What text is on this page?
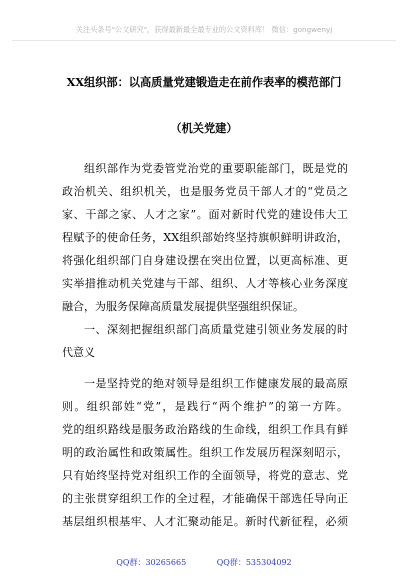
关注头条号"公文研究"，获得最新最全最专业的公文资料库！ 微信：gongwenyj
XX组织部：以高质量党建锻造走在前作表率的模范部门
（机关党建）
组织部作为党委管党治党的重要职能部门，既是党的
政治机关、组织机关，也是服务党员干部人才的“党员之
家、干部之家、人才之家”。面对新时代党的建设伟大工
程赋予的使命任务，XX组织部始终坚持旗帜鲜明讲政治，
将强化组织部门自身建设摆在突出位置，以更高标准、更
实举措推动机关党建与干部、组织、人才等核心业务深度
融合，为服务保障高质量发展提供坚强组织保证。
一、深刻把握组织部门高质量党建引领业务发展的时
代意义
一是坚持党的绝对领导是组织工作健康发展的最高原
则。组织部姓“党”，是践行“两个维护”的第一方阵。
党的组织路线是服务政治路线的生命线，组织工作具有鲜
明的政治属性和政策属性。组织工作发展历程深刻昭示，
只有始终坚持党对组织工作的全面领导，将党的意志、党
的主张贯穿组织工作的全过程，才能确保干部选任导向正
基层组织根基牢、人才汇聚动能足。新时代新征程，必须
QQ群：30265665	QQ群：535304092
